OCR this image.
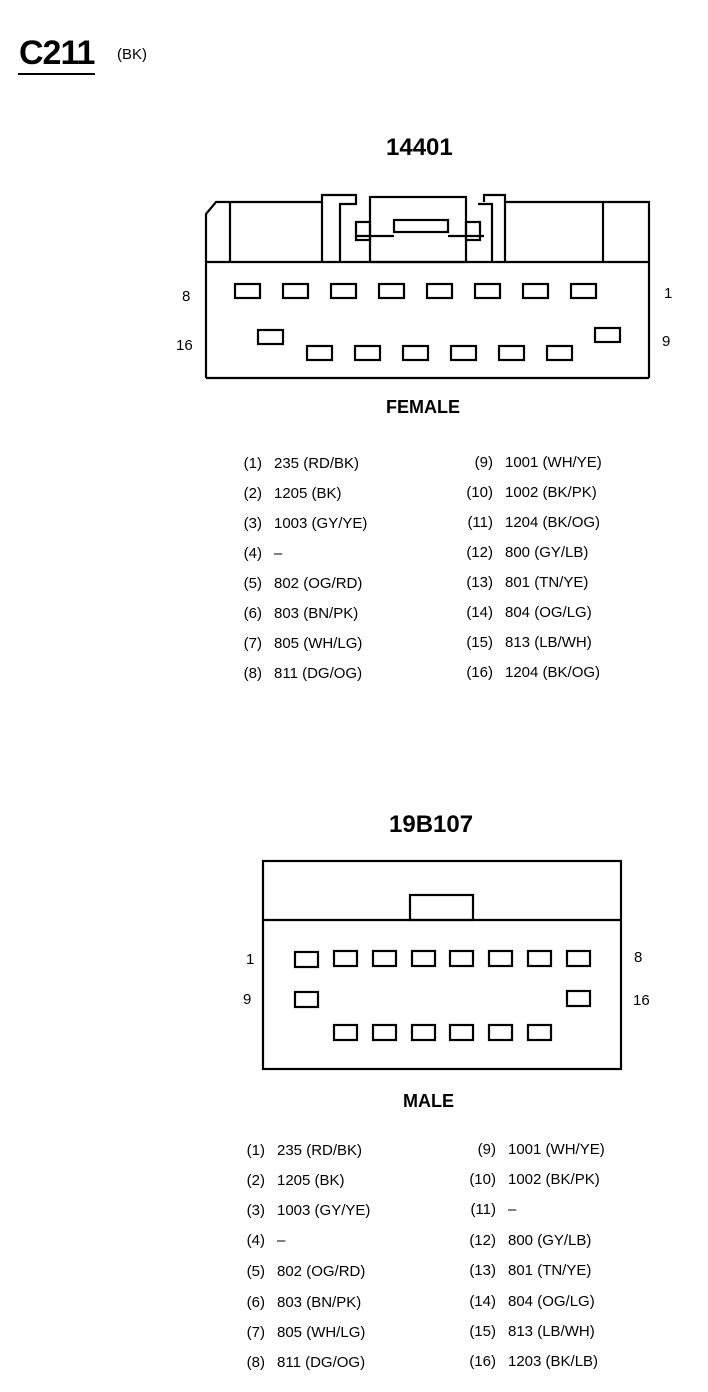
C211 (BK)
14401
8	1
16	9
FEMALE
(1) 235 (RD/BK)
(2) 1205 (BK)
(3) 1003 (GY/YE)
(4) –
(5) 802 (OG/RD)
(6) 803 (BN/PK)
(7) 805 (WH/LG)
(8) 811 (DG/OG)
(9) 1001 (WH/YE)
(10) 1002 (BK/PK)
(11) 1204 (BK/OG)
(12) 800 (GY/LB)
(13) 801 (TN/YE)
(14) 804 (OG/LG)
(15) 813 (LB/WH)
(16) 1204 (BK/OG)
19B107
1	8
9	16
MALE
(1) 235 (RD/BK)
(2) 1205 (BK)
(3) 1003 (GY/YE)
(4) –
(5) 802 (OG/RD)
(6) 803 (BN/PK)
(7) 805 (WH/LG)
(8) 811 (DG/OG)
(9) 1001 (WH/YE)
(10) 1002 (BK/PK)
(11) –
(12) 800 (GY/LB)
(13) 801 (TN/YE)
(14) 804 (OG/LG)
(15) 813 (LB/WH)
(16) 1203 (BK/LB)
